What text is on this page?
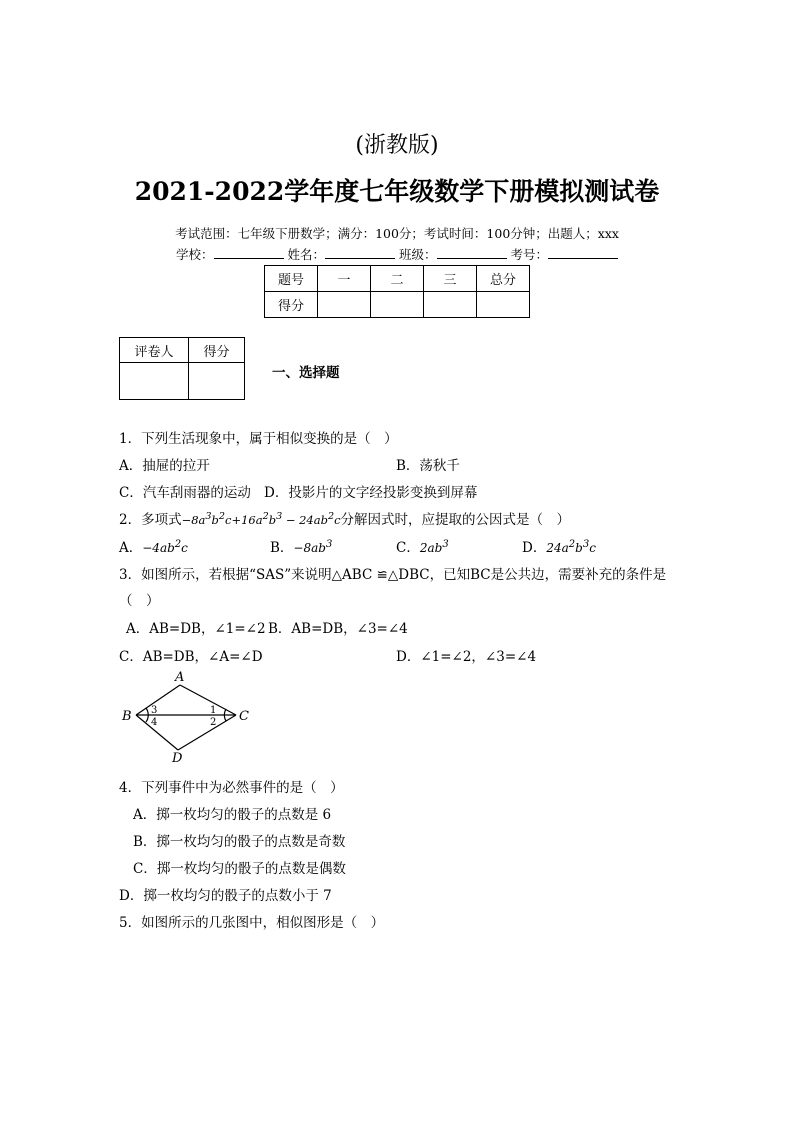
(浙教版)
2021-2022学年度七年级数学下册模拟测试卷
考试范围：七年级下册数学；满分：100分；考试时间：100分钟；出题人；xxx
学校：	姓名：	班级：	考号：
题号	一	二	三	总分
得分				
评卷人	得分

一、选择题
1．下列生活现象中，属于相似变换的是（　）
A．抽屉的拉开	B．荡秋千
C．汽车刮雨器的运动 D．投影片的文字经投影变换到屏幕
2．多项式$-8a^3b^2c+16a^2b^3 - 24ab^2c$分解因式时，应提取的公因式是（　）
A．$-4ab^2c$	B．$-8ab^3$	C．$2ab^3$	D．$24a^2b^3c$
3．如图所示，若根据“SAS”来说明△ABC ≌△DBC，已知BC是公共边，需要补充的条件是
（　）
A．AB=DB，∠1=∠2 B．AB=DB，∠3=∠4
C．AB=DB，∠A=∠D	D．∠1=∠2，∠3=∠4
A
B	C
D
1
2
3
4
4．下列事件中为必然事件的是（　）
A．掷一枚均匀的骰子的点数是 6
B．掷一枚均匀的骰子的点数是奇数
C．掷一枚均匀的骰子的点数是偶数
D．掷一枚均匀的骰子的点数小于 7
5．如图所示的几张图中，相似图形是（　）
